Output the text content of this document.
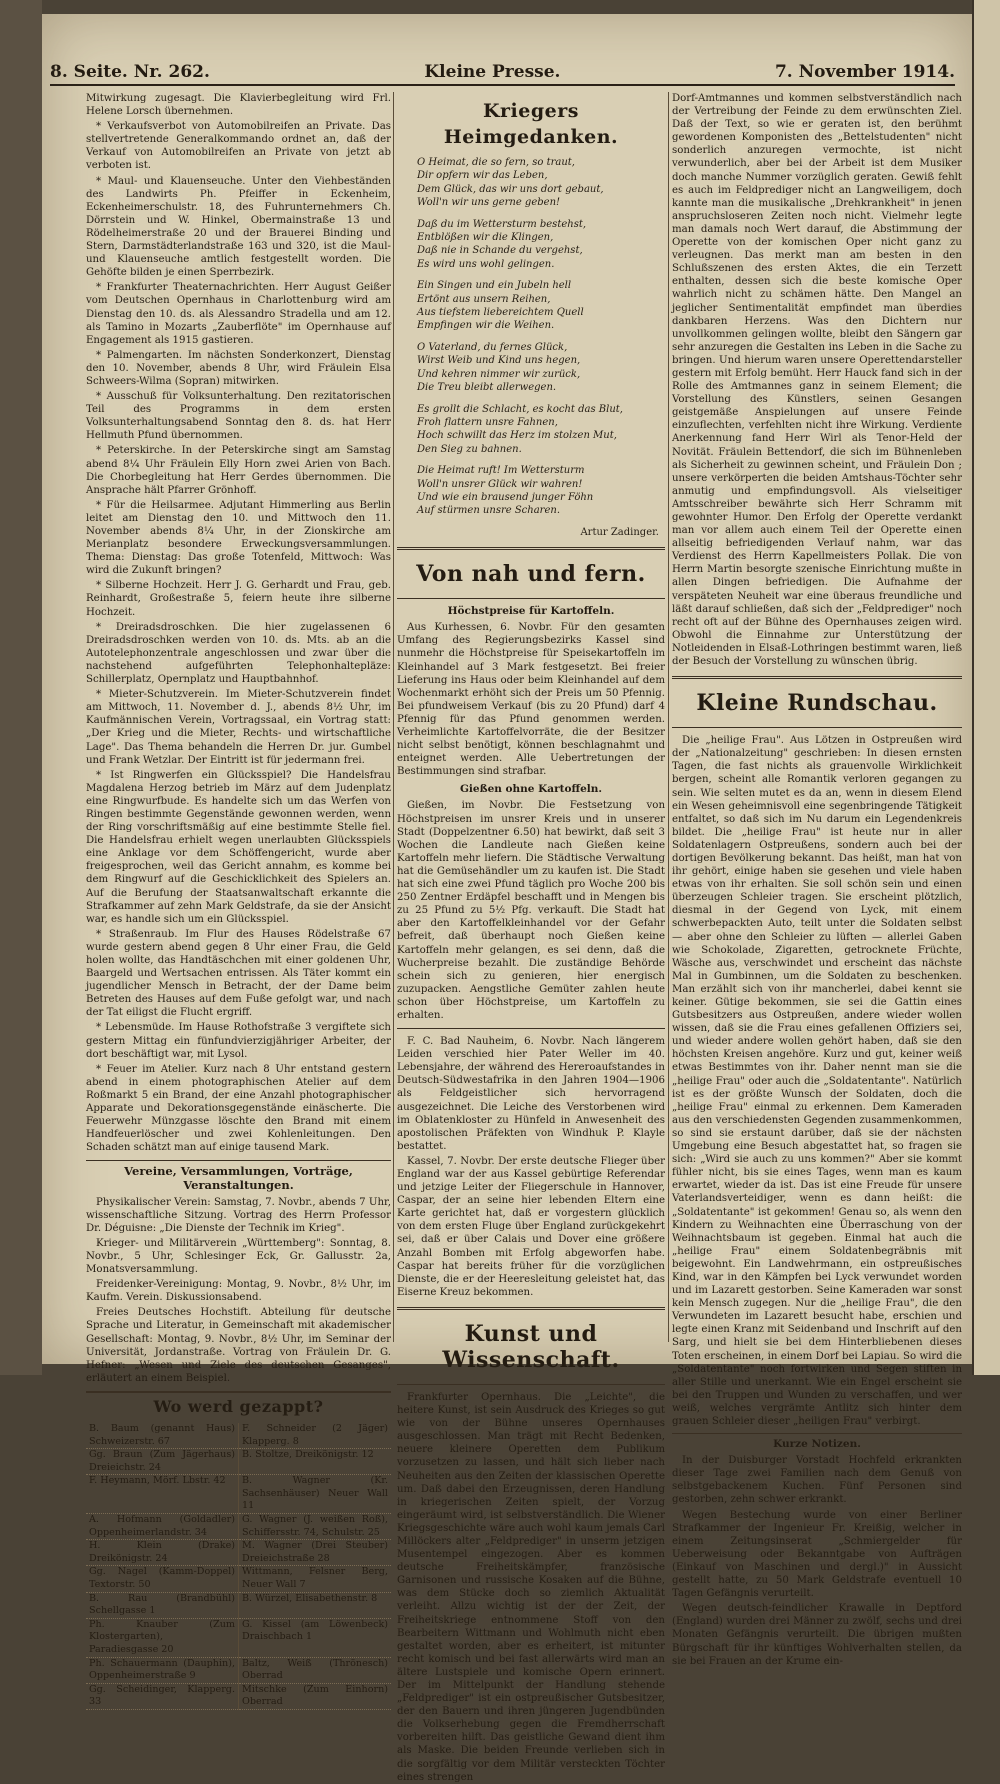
8. Seite. Nr. 262.	Kleine Presse.	7. November 1914.

Mitwirkung zugesagt. Die Klavierbegleitung wird Frl. Helene Lorsch übernehmen.

* Verkaufsverbot von Automobilreifen an Private. Das stellvertretende Generalkommando ordnet an, daß der Verkauf von Automobilreifen an Private von jetzt ab verboten ist.

* Maul- und Klauenseuche. Unter den Viehbeständen des Landwirts Ph. Pfeiffer in Eckenheim, Eckenheimerschulstr. 18, des Fuhrunternehmers Ch. Dörrstein und W. Hinkel, Obermainstraße 13 und Rödelheimerstraße 20 und der Brauerei Binding und Stern, Darmstädterlandstraße 163 und 320, ist die Maul- und Klauenseuche amtlich festgestellt worden. Die Gehöfte bilden je einen Sperrbezirk.

* Frankfurter Theaternachrichten. Herr August Geißer vom Deutschen Opernhaus in Charlottenburg wird am Dienstag den 10. ds. als Alessandro Stradella und am 12. als Tamino in Mozarts „Zauberflöte" im Opernhause auf Engagement als 1915 gastieren.

* Palmengarten. Im nächsten Sonderkonzert, Dienstag den 10. November, abends 8 Uhr, wird Fräulein Elsa Schweers-Wilma (Sopran) mitwirken.

* Ausschuß für Volksunterhaltung. Den rezitatorischen Teil des Programms in dem ersten Volksunterhaltungsabend Sonntag den 8. ds. hat Herr Hellmuth Pfund übernommen.

* Peterskirche. In der Peterskirche singt am Samstag abend 8¼ Uhr Fräulein Elly Horn zwei Arien von Bach. Die Chorbegleitung hat Herr Gerdes übernommen. Die Ansprache hält Pfarrer Grönhoff.

* Für die Heilsarmee. Adjutant Himmerling aus Berlin leitet am Dienstag den 10. und Mittwoch den 11. November abends 8¼ Uhr, in der Zionskirche am Merianplatz besondere Erweckungsversammlungen. Thema: Dienstag: Das große Totenfeld, Mittwoch: Was wird die Zukunft bringen?

* Silberne Hochzeit. Herr J. G. Gerhardt und Frau, geb. Reinhardt, Großestraße 5, feiern heute ihre silberne Hochzeit.

* Dreiradsdroschken. Die hier zugelassenen 6 Dreiradsdroschken werden von 10. ds. Mts. ab an die Autotelephonzentrale angeschlossen und zwar über die nachstehend aufgeführten Telephonhaltepläze: Schillerplatz, Opernplatz und Hauptbahnhof.

* Mieter-Schutzverein. Im Mieter-Schutzverein findet am Mittwoch, 11. November d. J., abends 8½ Uhr, im Kaufmännischen Verein, Vortragssaal, ein Vortrag statt: „Der Krieg und die Mieter, Rechts- und wirtschaftliche Lage". Das Thema behandeln die Herren Dr. jur. Gumbel und Frank Wetzlar. Der Eintritt ist für jedermann frei.

* Ist Ringwerfen ein Glücksspiel? Die Handelsfrau Magdalena Herzog betrieb im März auf dem Judenplatz eine Ringwurfbude. Es handelte sich um das Werfen von Ringen bestimmte Gegenstände gewonnen werden, wenn der Ring vorschriftsmäßig auf eine bestimmte Stelle fiel. Die Handelsfrau erhielt wegen unerlaubten Glücksspiels eine Anklage vor dem Schöffengericht, wurde aber freigesprochen, weil das Gericht annahm, es komme bei dem Ringwurf auf die Geschicklichkeit des Spielers an. Auf die Berufung der Staatsanwaltschaft erkannte die Strafkammer auf zehn Mark Geldstrafe, da sie der Ansicht war, es handle sich um ein Glücksspiel.

* Straßenraub. Im Flur des Hauses Rödelstraße 67 wurde gestern abend gegen 8 Uhr einer Frau, die Geld holen wollte, das Handtäschchen mit einer goldenen Uhr, Baargeld und Wertsachen entrissen. Als Täter kommt ein jugendlicher Mensch in Betracht, der der Dame beim Betreten des Hauses auf dem Fuße gefolgt war, und nach der Tat eiligst die Flucht ergriff.

* Lebensmüde. Im Hause Rothofstraße 3 vergiftete sich gestern Mittag ein fünfundvierzigjähriger Arbeiter, der dort beschäftigt war, mit Lysol.

* Feuer im Atelier. Kurz nach 8 Uhr entstand gestern abend in einem photographischen Atelier auf dem Roßmarkt 5 ein Brand, der eine Anzahl photographischer Apparate und Dekorationsgegenstände einäscherte. Die Feuerwehr Münzgasse löschte den Brand mit einem Handfeuerlöscher und zwei Kohlenleitungen. Den Schaden schätzt man auf einige tausend Mark.

Vereine, Versammlungen, Vorträge, Veranstaltungen.

Physikalischer Verein: Samstag, 7. Novbr., abends 7 Uhr, wissenschaftliche Sitzung. Vortrag des Herrn Professor Dr. Déguisne: „Die Dienste der Technik im Krieg".

Krieger- und Militärverein „Württemberg": Sonntag, 8. Novbr., 5 Uhr, Schlesinger Eck, Gr. Gallusstr. 2a, Monatsversammlung.

Freidenker-Vereinigung: Montag, 9. Novbr., 8½ Uhr, im Kaufm. Verein. Diskussionsabend.

Freies Deutsches Hochstift. Abteilung für deutsche Sprache und Literatur, in Gemeinschaft mit akademischer Gesellschaft: Montag, 9. Novbr., 8½ Uhr, im Seminar der Universität, Jordanstraße. Vortrag von Fräulein Dr. G. Hefner: „Wesen und Ziele des deutschen Gesanges", erläutert an einem Beispiel.

Wo werd gezappt?
B. Baum (genannt Haus) Schweizerstr. 67	F. Schneider (2 Jäger) Klapperg. 8
Gg. Braun (Zum Jägerhaus) Dreieichstr. 24	B. Stoltze, Dreikönigstr. 12
F. Heymann, Mörf. Lbstr. 42	B. Wagner (Kr. Sachsenhäuser) Neuer Wall 11
A. Hofmann (Goldadler) Oppenheimerlandstr. 34	G. Wagner (J. weißen Roß), Schiffersstr. 74, Schulstr. 25
H. Klein (Drake) Dreikönigstr. 24	M. Wagner (Drei Steuber) Dreieichstraße 28
Gg. Nagel (Kamm-Doppel) Textorstr. 50	Wittmann, Felsner Berg, Neuer Wall 7
B. Rau (Brandbühl) Schellgasse 1	B. Würzel, Elisabethenstr. 8
Ph. Knauber (Zum Klostergarten), Paradiesgasse 20	G. Kissel (am Löwenbeck) Draischbach 1
Ph. Schauermann (Dauphin), Oppenheimerstraße 9	Baltz, Weiß (Thrönesch) Oberrad
Gg. Scheidinger, Klapperg. 33	Mitschke (Zum Einhorn) Oberrad
Kriegers Heimgedanken.
O Heimat, die so fern, so traut,
Dir opfern wir das Leben,
Dem Glück, das wir uns dort gebaut,
Woll'n wir uns gerne geben!
Daß du im Wettersturm bestehst,
Entblößen wir die Klingen,
Daß nie in Schande du vergehst,
Es wird uns wohl gelingen.
Ein Singen und ein Jubeln hell
Ertönt aus unsern Reihen,
Aus tiefstem liebereichtem Quell
Empfingen wir die Weihen.
O Vaterland, du fernes Glück,
Wirst Weib und Kind uns hegen,
Und kehren nimmer wir zurück,
Die Treu bleibt allerwegen.
Es grollt die Schlacht, es kocht das Blut,
Froh flattern unsre Fahnen,
Hoch schwillt das Herz im stolzen Mut,
Den Sieg zu bahnen.
Die Heimat ruft! Im Wettersturm
Woll'n unsrer Glück wir wahren!
Und wie ein brausend junger Föhn
Auf stürmen unsre Scharen.
Artur Zadinger.
Von nah und fern.
Höchstpreise für Kartoffeln.

Aus Kurhessen, 6. Novbr. Für den gesamten Umfang des Regierungsbezirks Kassel sind nunmehr die Höchstpreise für Speisekartoffeln im Kleinhandel auf 3 Mark festgesetzt. Bei freier Lieferung ins Haus oder beim Kleinhandel auf dem Wochenmarkt erhöht sich der Preis um 50 Pfennig. Bei pfundweisem Verkauf (bis zu 20 Pfund) darf 4 Pfennig für das Pfund genommen werden. Verheimlichte Kartoffelvorräte, die der Besitzer nicht selbst benötigt, können beschlagnahmt und enteignet werden. Alle Uebertretungen der Bestimmungen sind strafbar.

Gießen ohne Kartoffeln.

Gießen, im Novbr. Die Festsetzung von Höchstpreisen im unsrer Kreis und in unserer Stadt (Doppelzentner 6.50) hat bewirkt, daß seit 3 Wochen die Landleute nach Gießen keine Kartoffeln mehr liefern. Die Städtische Verwaltung hat die Gemüsehändler um zu kaufen ist. Die Stadt hat sich eine zwei Pfund täglich pro Woche 200 bis 250 Zentner Erdäpfel beschafft und in Mengen bis zu 25 Pfund zu 5½ Pfg. verkauft. Die Stadt hat aber den Kartoffelkleinhandel vor der Gefahr befreit, daß überhaupt noch Gießen keine Kartoffeln mehr gelangen, es sei denn, daß die Wucherpreise bezahlt. Die zuständige Behörde schein sich zu genieren, hier energisch zuzupacken. Aengstliche Gemüter zahlen heute schon über Höchstpreise, um Kartoffeln zu erhalten.

F. C. Bad Nauheim, 6. Novbr. Nach längerem Leiden verschied hier Pater Weller im 40. Lebensjahre, der während des Hereroaufstandes in Deutsch-Südwestafrika in den Jahren 1904—1906 als Feldgeistlicher sich hervorragend ausgezeichnet. Die Leiche des Verstorbenen wird im Oblatenkloster zu Hünfeld in Anwesenheit des apostolischen Präfekten von Windhuk P. Klayle bestattet.

Kassel, 7. Novbr. Der erste deutsche Flieger über England war der aus Kassel gebürtige Referendar und jetzige Leiter der Fliegerschule in Hannover, Caspar, der an seine hier lebenden Eltern eine Karte gerichtet hat, daß er vorgestern glücklich von dem ersten Fluge über England zurückgekehrt sei, daß er über Calais und Dover eine größere Anzahl Bomben mit Erfolg abgeworfen habe. Caspar hat bereits früher für die vorzüglichen Dienste, die er der Heeresleitung geleistet hat, das Eiserne Kreuz bekommen.

Kunst und Wissenschaft.

Frankfurter Opernhaus. Die „Leichte", die heitere Kunst, ist sein Ausdruck des Krieges so gut wie von der Bühne unseres Opernhauses ausgeschlossen. Man trägt mit Recht Bedenken, neuere kleinere Operetten dem Publikum vorzusetzen zu lassen, und hält sich lieber nach Neuheiten aus den Zeiten der klassischen Operette um. Daß dabei den Erzeugnissen, deren Handlung in kriegerischen Zeiten spielt, der Vorzug eingeräumt wird, ist selbstverständlich. Die Wiener Kriegsgeschichte wäre auch wohl kaum jemals Carl Millöckers alter „Feldprediger" in unserm jetzigen Musentempel eingezogen. Aber es kommen deutsche Freiheitskämpfer, französische Garnisonen und russische Kosaken auf die Bühne, was dem Stücke doch so ziemlich Aktualität verleiht. Allzu wichtig ist der der Zeit, der Freiheitskriege entnommene Stoff von den Bearbeitern Wittmann und Wohlmuth nicht eben gestaltet worden, aber es erheitert, ist mitunter recht komisch und bei fast allerwärts wird man an ältere Lustspiele und komische Opern erinnert. Der im Mittelpunkt der Handlung stehende „Feldprediger" ist ein ostpreußischer Gutsbesitzer, der den Bauern und ihren jüngeren Jugendbünden die Volkserhebung gegen die Fremdherrschaft vorbereiten hilft. Das geistliche Gewand dient ihm als Maske. Die beiden Freunde verlieben sich in die sorgfältig vor dem Militär versteckten Töchter eines strengen

Dorf-Amtmannes und kommen selbstverständlich nach der Vertreibung der Feinde zu dem erwünschten Ziel. Daß der Text, so wie er geraten ist, den berühmt gewordenen Komponisten des „Bettelstudenten" nicht sonderlich anzuregen vermochte, ist nicht verwunderlich, aber bei der Arbeit ist dem Musiker doch manche Nummer vorzüglich geraten. Gewiß fehlt es auch im Feldprediger nicht an Langweiligem, doch kannte man die musikalische „Drehkrankheit" in jenen anspruchsloseren Zeiten noch nicht. Vielmehr legte man damals noch Wert darauf, die Abstimmung der Operette von der komischen Oper nicht ganz zu verleugnen. Das merkt man am besten in den Schlußszenen des ersten Aktes, die ein Terzett enthalten, dessen sich die beste komische Oper wahrlich nicht zu schämen hätte. Den Mangel an jeglicher Sentimentalität empfindet man überdies dankbaren Herzens. Was den Dichtern nur unvollkommen gelingen wollte, bleibt den Sängern gar sehr anzuregen die Gestalten ins Leben in die Sache zu bringen. Und hierum waren unsere Operettendarsteller gestern mit Erfolg bemüht. Herr Hauck fand sich in der Rolle des Amtmannes ganz in seinem Element; die Vorstellung des Künstlers, seinen Gesangen geistgemäße Anspielungen auf unsere Feinde einzuflechten, verfehlten nicht ihre Wirkung. Verdiente Anerkennung fand Herr Wirl als Tenor-Held der Novität. Fräulein Bettendorf, die sich im Bühnenleben als Sicherheit zu gewinnen scheint, und Fräulein Don ; unsere verkörperten die beiden Amtshaus-Töchter sehr anmutig und empfindungsvoll. Als vielseitiger Amtsschreiber bewährte sich Herr Schramm mit gewohnter Humor. Den Erfolg der Operette verdankt man vor allem auch einem Teil der Operette einen allseitig befriedigenden Verlauf nahm, war das Verdienst des Herrn Kapellmeisters Pollak. Die von Herrn Martin besorgte szenische Einrichtung mußte in allen Dingen befriedigen. Die Aufnahme der verspäteten Neuheit war eine überaus freundliche und läßt darauf schließen, daß sich der „Feldprediger" noch recht oft auf der Bühne des Opernhauses zeigen wird. Obwohl die Einnahme zur Unterstützung der Notleidenden in Elsaß-Lothringen bestimmt waren, ließ der Besuch der Vorstellung zu wünschen übrig.

Kleine Rundschau.

Die „heilige Frau". Aus Lötzen in Ostpreußen wird der „Nationalzeitung" geschrieben: In diesen ernsten Tagen, die fast nichts als grauenvolle Wirklichkeit bergen, scheint alle Romantik verloren gegangen zu sein. Wie selten mutet es da an, wenn in diesem Elend ein Wesen geheimnisvoll eine segenbringende Tätigkeit entfaltet, so daß sich im Nu darum ein Legendenkreis bildet. Die „heilige Frau" ist heute nur in aller Soldatenlagern Ostpreußens, sondern auch bei der dortigen Bevölkerung bekannt. Das heißt, man hat von ihr gehört, einige haben sie gesehen und viele haben etwas von ihr erhalten. Sie soll schön sein und einen überzeugen Schleier tragen. Sie erscheint plötzlich, diesmal in der Gegend von Lyck, mit einem schwerbepackten Auto, teilt unter die Soldaten selbst — aber ohne den Schleier zu lüften — allerlei Gaben wie Schokolade, Zigaretten, getrocknete Früchte, Wäsche aus, verschwindet und erscheint das nächste Mal in Gumbinnen, um die Soldaten zu beschenken. Man erzählt sich von ihr mancherlei, dabei kennt sie keiner. Gütige bekommen, sie sei die Gattin eines Gutsbesitzers aus Ostpreußen, andere wieder wollen wissen, daß sie die Frau eines gefallenen Offiziers sei, und wieder andere wollen gehört haben, daß sie den höchsten Kreisen angehöre. Kurz und gut, keiner weiß etwas Bestimmtes von ihr. Daher nennt man sie die „heilige Frau" oder auch die „Soldatentante". Natürlich ist es der größte Wunsch der Soldaten, doch die „heilige Frau" einmal zu erkennen. Dem Kameraden aus den verschiedensten Gegenden zusammenkommen, so sind sie erstaunt darüber, daß sie der nächsten Umgebung eine Besuch abgestattet hat, so fragen sie sich: „Wird sie auch zu uns kommen?" Aber sie kommt fühler nicht, bis sie eines Tages, wenn man es kaum erwartet, wieder da ist. Das ist eine Freude für unsere Vaterlandsverteidiger, wenn es dann heißt: die „Soldatentante" ist gekommen! Genau so, als wenn den Kindern zu Weihnachten eine Überraschung von der Weihnachtsbaum ist gegeben. Einmal hat auch die „heilige Frau" einem Soldatenbegräbnis mit beigewohnt. Ein Landwehrmann, ein ostpreußisches Kind, war in den Kämpfen bei Lyck verwundet worden und im Lazarett gestorben. Seine Kameraden war sonst kein Mensch zugegen. Nur die „heilige Frau", die den Verwundeten im Lazarett besucht habe, erschien und legte einen Kranz mit Seidenband und Inschrift auf den Sarg, und hielt sie bei dem Hinterbliebenen dieses Toten erscheinen, in einem Dorf bei Lapiau. So wird die „Soldatentante" noch fortwirken und Segen stiften in aller Stille und unerkannt. Wie ein Engel erscheint sie bei den Truppen und Wunden zu verschaffen, und wer weiß, welches vergrämte Antlitz sich hinter dem grauen Schleier dieser „heiligen Frau" verbirgt.

Kurze Notizen.

In der Duisburger Vorstadt Hochfeld erkrankten dieser Tage zwei Familien nach dem Genuß von selbstgebackenem Kuchen. Fünf Personen sind gestorben, zehn schwer erkrankt.

Wegen Bestechung wurde von einer Berliner Strafkammer der Ingenieur Fr. Kreißig, welcher in einem Zeitungsinserat „Schmiergelder für Ueberweisung oder Bekanntgabe von Aufträgen (Einkauf von Maschinen und dergl.)" in Aussicht gestellt hatte, zu 50 Mark Geldstrafe eventuell 10 Tagen Gefängnis verurteilt.

Wegen deutsch-feindlicher Krawalle in Deptford (England) wurden drei Männer zu zwölf, sechs und drei Monaten Gefängnis verurteilt. Die übrigen mußten Bürgschaft für ihr künftiges Wohlverhalten stellen, da sie bei Frauen an der Krume ein-
